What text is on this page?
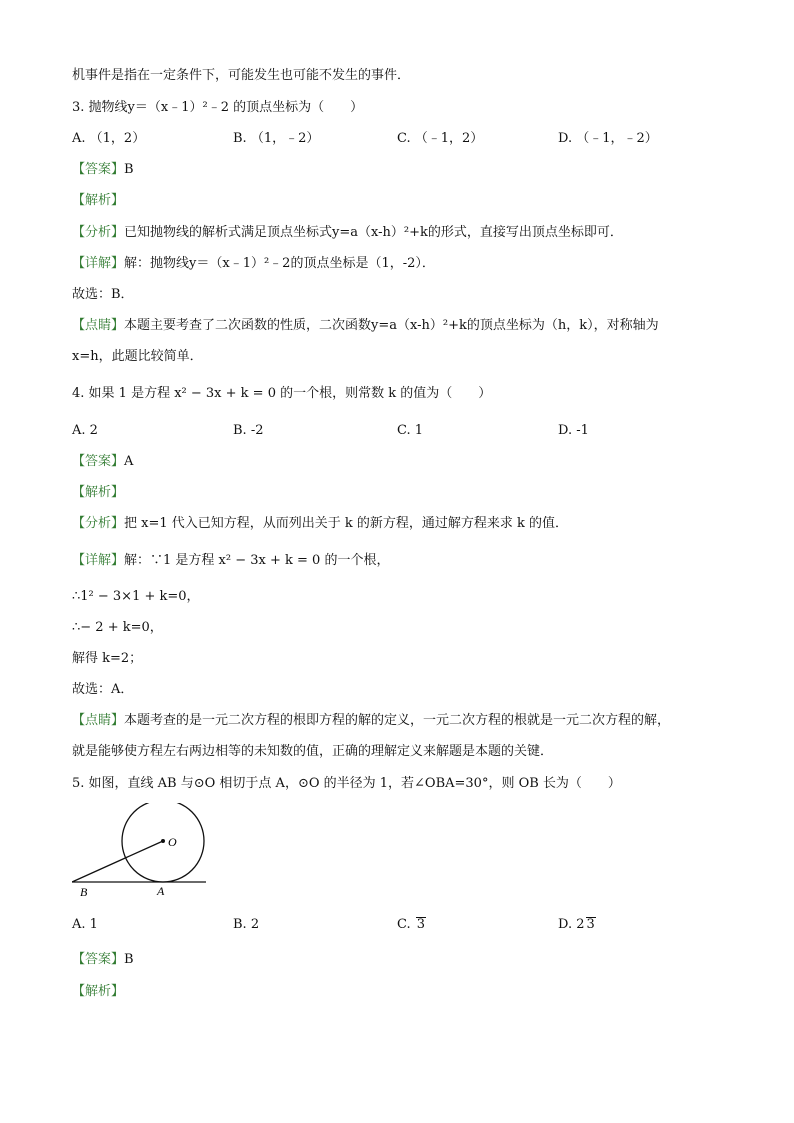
机事件是指在一定条件下，可能发生也可能不发生的事件．
3. 抛物线y＝（x﹣1）²﹣2 的顶点坐标为（　　）
A. （1，2）	B. （1，﹣2）	C. （﹣1，2）	D. （﹣1，﹣2）
【答案】B
【解析】
【分析】已知抛物线的解析式满足顶点坐标式y=a（x-h）²+k的形式，直接写出顶点坐标即可．
【详解】解：抛物线y＝（x﹣1）²﹣2的顶点坐标是（1，-2）．
故选：B．
【点睛】本题主要考查了二次函数的性质，二次函数y=a（x-h）²+k的顶点坐标为（h，k），对称轴为
x=h，此题比较简单．
4. 如果 1 是方程 x² − 3x + k = 0 的一个根，则常数 k 的值为（　　）
A. 2	B. -2	C. 1	D. -1
【答案】A
【解析】
【分析】把 x=1 代入已知方程，从而列出关于 k 的新方程，通过解方程来求 k 的值．
【详解】解：∵1 是方程 x² − 3x + k = 0 的一个根，
∴1² − 3×1 + k=0，
∴− 2 + k=0，
解得 k=2；
故选：A．
【点睛】本题考查的是一元二次方程的根即方程的解的定义，一元二次方程的根就是一元二次方程的解，
就是能够使方程左右两边相等的未知数的值，正确的理解定义来解题是本题的关键．
5. 如图，直线 AB 与⊙O 相切于点 A，⊙O 的半径为 1，若∠OBA=30°，则 OB 长为（　　）
O
B	A
A. 1	B. 2	C. 3	D. 2 3
【答案】B
【解析】
